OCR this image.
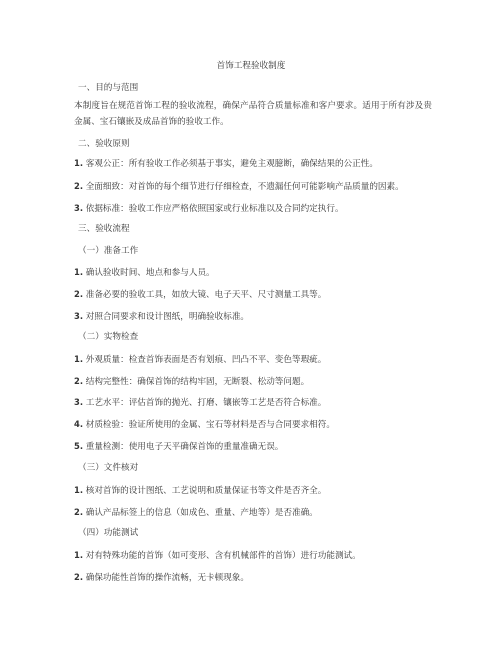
首饰工程验收制度
一、目的与范围
本制度旨在规范首饰工程的验收流程，确保产品符合质量标准和客户要求。适用于所有涉及贵金属、宝石镶嵌及成品首饰的验收工作。
二、验收原则
1. 客观公正：所有验收工作必须基于事实，避免主观臆断，确保结果的公正性。
2. 全面细致：对首饰的每个细节进行仔细检查，不遗漏任何可能影响产品质量的因素。
3. 依据标准：验收工作应严格依照国家或行业标准以及合同约定执行。
三、验收流程
（一）准备工作
1. 确认验收时间、地点和参与人员。
2. 准备必要的验收工具，如放大镜、电子天平、尺寸测量工具等。
3. 对照合同要求和设计图纸，明确验收标准。
（二）实物检查
1. 外观质量：检查首饰表面是否有划痕、凹凸不平、变色等瑕疵。
2. 结构完整性：确保首饰的结构牢固，无断裂、松动等问题。
3. 工艺水平：评估首饰的抛光、打磨、镶嵌等工艺是否符合标准。
4. 材质检验：验证所使用的金属、宝石等材料是否与合同要求相符。
5. 重量检测：使用电子天平确保首饰的重量准确无误。
（三）文件核对
1. 核对首饰的设计图纸、工艺说明和质量保证书等文件是否齐全。
2. 确认产品标签上的信息（如成色、重量、产地等）是否准确。
（四）功能测试
1. 对有特殊功能的首饰（如可变形、含有机械部件的首饰）进行功能测试。
2. 确保功能性首饰的操作流畅，无卡顿现象。
